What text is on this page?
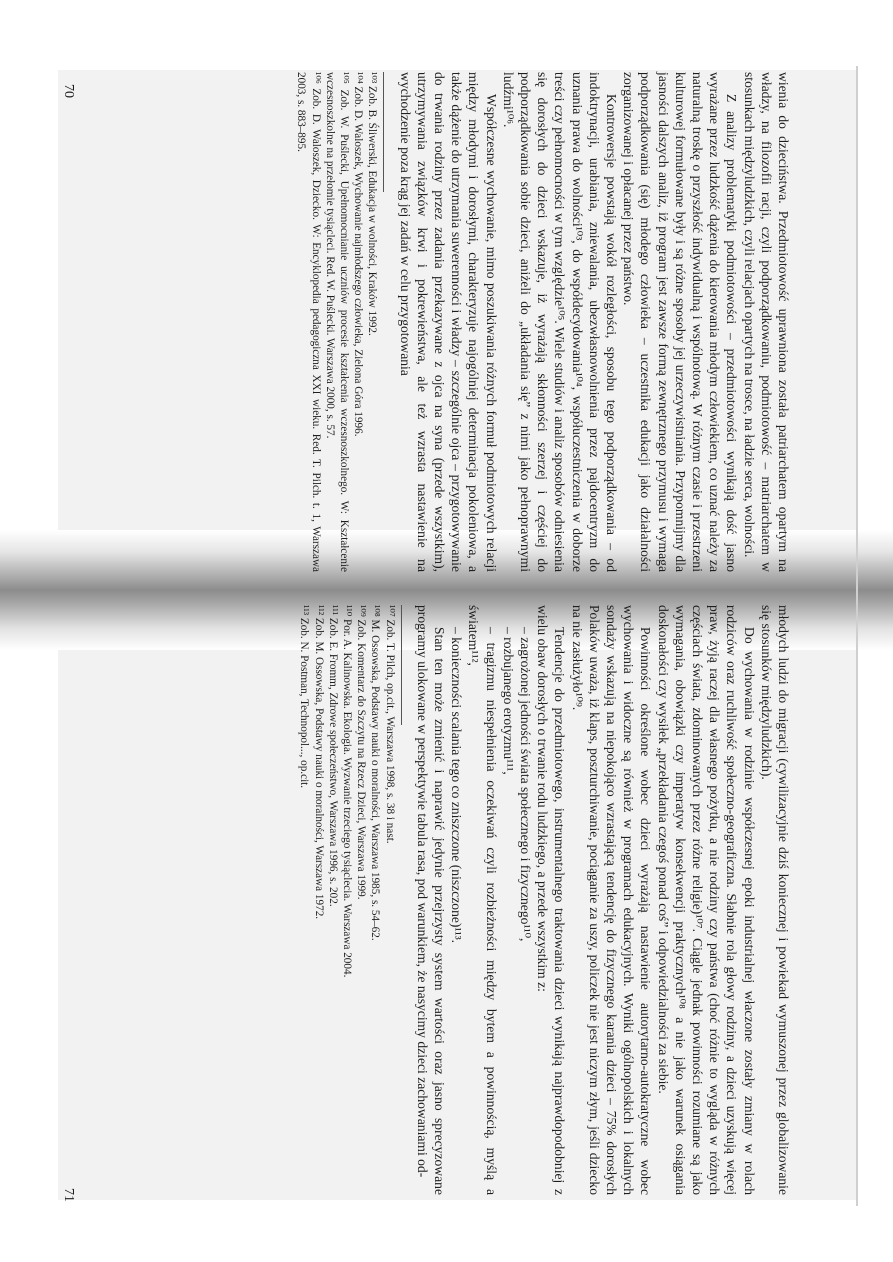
wienia do dzieciństwa. Przedmiotowość uprawniona została patriarchatem opartym na władzy, na filozofii racji, czyli podporządkowaniu, podmiotowość – matriarchatem w stosunkach międzyludzkich, czyli relacjach opartych na trosce, na ładzie serca, wolności.

Z analizy problematyki podmiotowości – przedmiotowości wynikają dość jasno wyrażane przez ludzkość dążenia do kierowania młodym człowiekiem, co uznać należy za naturalną troskę o przyszłość indywidualną i wspólnotową. W różnym czasie i przestrzeni kulturowej formułowane były i są różne sposoby jej urzeczywistniania. Przypomnijmy dla jasności dalszych analiz, iż program jest zawsze formą zewnętrznego przymusu i wymaga podporządkowania (się) młodego człowieka – uczestnika edukacji jako działalności zorganizowanej i opłacanej przez państwo.

Kontrowersje powstają wokół rozległości, sposobu tego podporządkowania – od indoktrynacji, urabiania, zniewalania, ubezwłasnowolnienia przez pajdocentryzm do uznania prawa do wolności¹⁰³, do współdecydowania¹⁰⁴, współuczestniczenia w doborze treści czy pełnomocności w tym względzie¹⁰⁵. Wiele studiów i analiz sposobów odniesienia się dorosłych do dzieci wskazuje, iż wyrażają skłonności szerzej i częściej do podporządkowania sobie dzieci, aniżeli do „układania się” z nimi jako pełnoprawnymi ludźmi¹⁰⁶.

Współczesne wychowanie, mimo poszukiwania różnych formuł podmiotowych relacji między młodymi i dorosłymi, charakteryzuje najogólniej determinacja pokoleniowa, a także dążenie do utrzymania suwerenności i władzy – szczególnie ojca – przygotowywanie do trwania rodziny przez zadania przekazywane z ojca na syna (przede wszystkim), utrzymywania związków krwi i pokrewieństwa, ale też wzrasta nastawienie na wychodzenie poza krąg jej zadań w celu przygotowania

¹⁰³ Zob. B. Śliwerski, Edukacja w wolności, Kraków 1992.
¹⁰⁴ Zob. D. Waloszek, Wychowanie najmłodszego człowieka, Zielona Góra 1996.
¹⁰⁵ Zob. W. Puślecki, Upełnomocnianie uczniów procesie kształcenia wczesnoszkolnego. W: Kształcenie wczesnoszkolne na przełomie tysiącleci. Red. W. Puślecki. Warszawa 2000, s. 57.
¹⁰⁶ Zob. D. Waloszek, Dziecko. W: Encyklopedia pedagogiczna XXI wieku. Red. T. Pilch. t. 1, Warszawa 2003, s. 883–895.

młodych ludzi do migracji (cywilizacyjnie dziś koniecznej i powiekad wymuszonej przez globalizowanie się stosunków międzyludzkich).

Do wychowania w rodzinie współczesnej epoki industrialnej właczone zostały zmiany w rolach rodziców oraz ruchliwość społeczno-geograficzna. Słabnie rola głowy rodziny, a dzieci uzyskują więcej praw, żyją raczej dla własnego pożytku, a nie rodziny czy państwa (choć różnie to wygląda w różnych częściach świata, zdominowanych przez różne religie)¹⁰⁷. Ciągle jednak powinności rozumiane są jako wymagania, obowiązki czy imperatyw konsekwencji praktycznych¹⁰⁸ a nie jako warunek osiągania doskonałości czy wysiłek „przekładania czegoś ponad coś” i odpowiedzialności za siebie.

Powinności określone wobec dzieci wyrażają nastawienie autorytarno-autokratyczne wobec wychowania i widoczne są również w programach edukacyjnych. Wyniki ogólnopolskich i lokalnych sondaży wskazują na niepokojąco wzrastającą tendencję do fizycznego karania dzieci – 75% dorosłych Polaków uważa, iż klaps, poszturchiwanie, pociąganie za uszy, policzek nie jest niczym złym, jeśli dziecko na nie zasłużyło¹⁰⁹.

Tendencje do przedmiotowego, instrumentalnego traktowania dzieci wynikają najprawdopodobniej z wielu obaw dorosłych o trwanie rodu ludzkiego, a przede wszystkim z:

– zagrożonej jedności świata społecznego i fizycznego¹¹⁰,
– rozbujanego erotyzmu¹¹¹,
– tragizmu niespełnienia oczekiwań czyli rozbieżności między bytem a powinnością, myślą a światem¹¹²,
– konieczności scalania tego co zniszczone (niszczone)¹¹³.

Stan ten może zmienić i naprawić jedynie przejrzysty system wartości oraz jasno sprecyzowane programy ulokowane w perspektywie tabula rasa, pod warunkiem, że nasycimy dzieci zachowaniami od-

¹⁰⁷ Zob. T. Pilch, op.cit., Warszawa 1998, s. 38 i nast.
¹⁰⁸ M. Ossowska, Podstawy nauki o moralności, Warszawa 1985, s. 54–62.
¹⁰⁹ Zob. Komentarz do Szczytu na Rzecz Dzieci, Warszawa 1999.
¹¹⁰ Por. A. Kalinowska. Ekologia. Wyzwanie trzeciego tysiąclecia. Warszawa 2004.
¹¹¹ Zob. E. Fromm, Zdrowe społeczeństwo, Warszawa 1996, s. 202.
¹¹² Zob. M. Ossowska, Podstawy nauki o moralności, Warszawa 1972.
¹¹³ Zob. N. Postman, Technopol..., op.cit.
70
71
